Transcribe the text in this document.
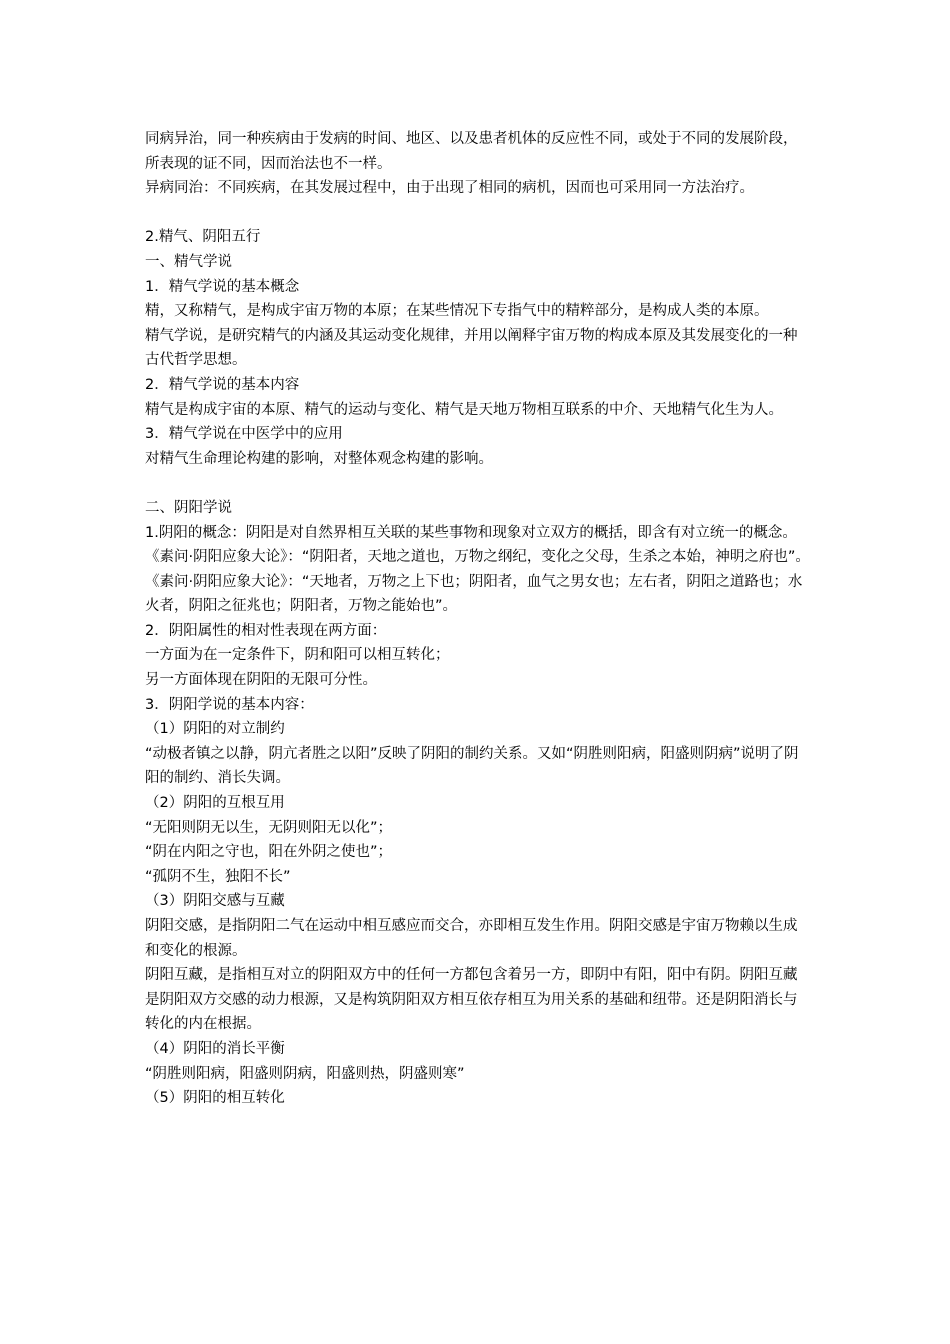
同病异治，同一种疾病由于发病的时间、地区、以及患者机体的反应性不同，或处于不同的发展阶段，所表现的证不同，因而治法也不一样。

异病同治：不同疾病，在其发展过程中，由于出现了相同的病机，因而也可采用同一方法治疗。

2.精气、阴阳五行

一、精气学说

1．精气学说的基本概念

精，又称精气，是构成宇宙万物的本原；在某些情况下专指气中的精粹部分，是构成人类的本原。

精气学说，是研究精气的内涵及其运动变化规律，并用以阐释宇宙万物的构成本原及其发展变化的一种古代哲学思想。

2．精气学说的基本内容

精气是构成宇宙的本原、精气的运动与变化、精气是天地万物相互联系的中介、天地精气化生为人。

3．精气学说在中医学中的应用

对精气生命理论构建的影响，对整体观念构建的影响。

二、阴阳学说

1.阴阳的概念：阴阳是对自然界相互关联的某些事物和现象对立双方的概括，即含有对立统一的概念。

《素问·阴阳应象大论》：“阴阳者，天地之道也，万物之纲纪，变化之父母，生杀之本始，神明之府也”。

《素问·阴阳应象大论》：“天地者，万物之上下也；阴阳者，血气之男女也；左右者，阴阳之道路也；水火者，阴阳之征兆也；阴阳者，万物之能始也”。

2．阴阳属性的相对性表现在两方面：

一方面为在一定条件下，阴和阳可以相互转化；

另一方面体现在阴阳的无限可分性。

3．阴阳学说的基本内容：

（1）阴阳的对立制约

“动极者镇之以静，阴亢者胜之以阳”反映了阴阳的制约关系。又如“阴胜则阳病，阳盛则阴病”说明了阴阳的制约、消长失调。

（2）阴阳的互根互用

“无阳则阴无以生，无阴则阳无以化”；

“阴在内阳之守也，阳在外阴之使也”；

“孤阴不生，独阳不长”

（3）阴阳交感与互藏

阴阳交感，是指阴阳二气在运动中相互感应而交合，亦即相互发生作用。阴阳交感是宇宙万物赖以生成和变化的根源。

阴阳互藏，是指相互对立的阴阳双方中的任何一方都包含着另一方，即阴中有阳，阳中有阴。阴阳互藏是阴阳双方交感的动力根源，又是构筑阴阳双方相互依存相互为用关系的基础和纽带。还是阴阳消长与转化的内在根据。

（4）阴阳的消长平衡

“阴胜则阳病，阳盛则阴病，阳盛则热，阴盛则寒”

（5）阴阳的相互转化
